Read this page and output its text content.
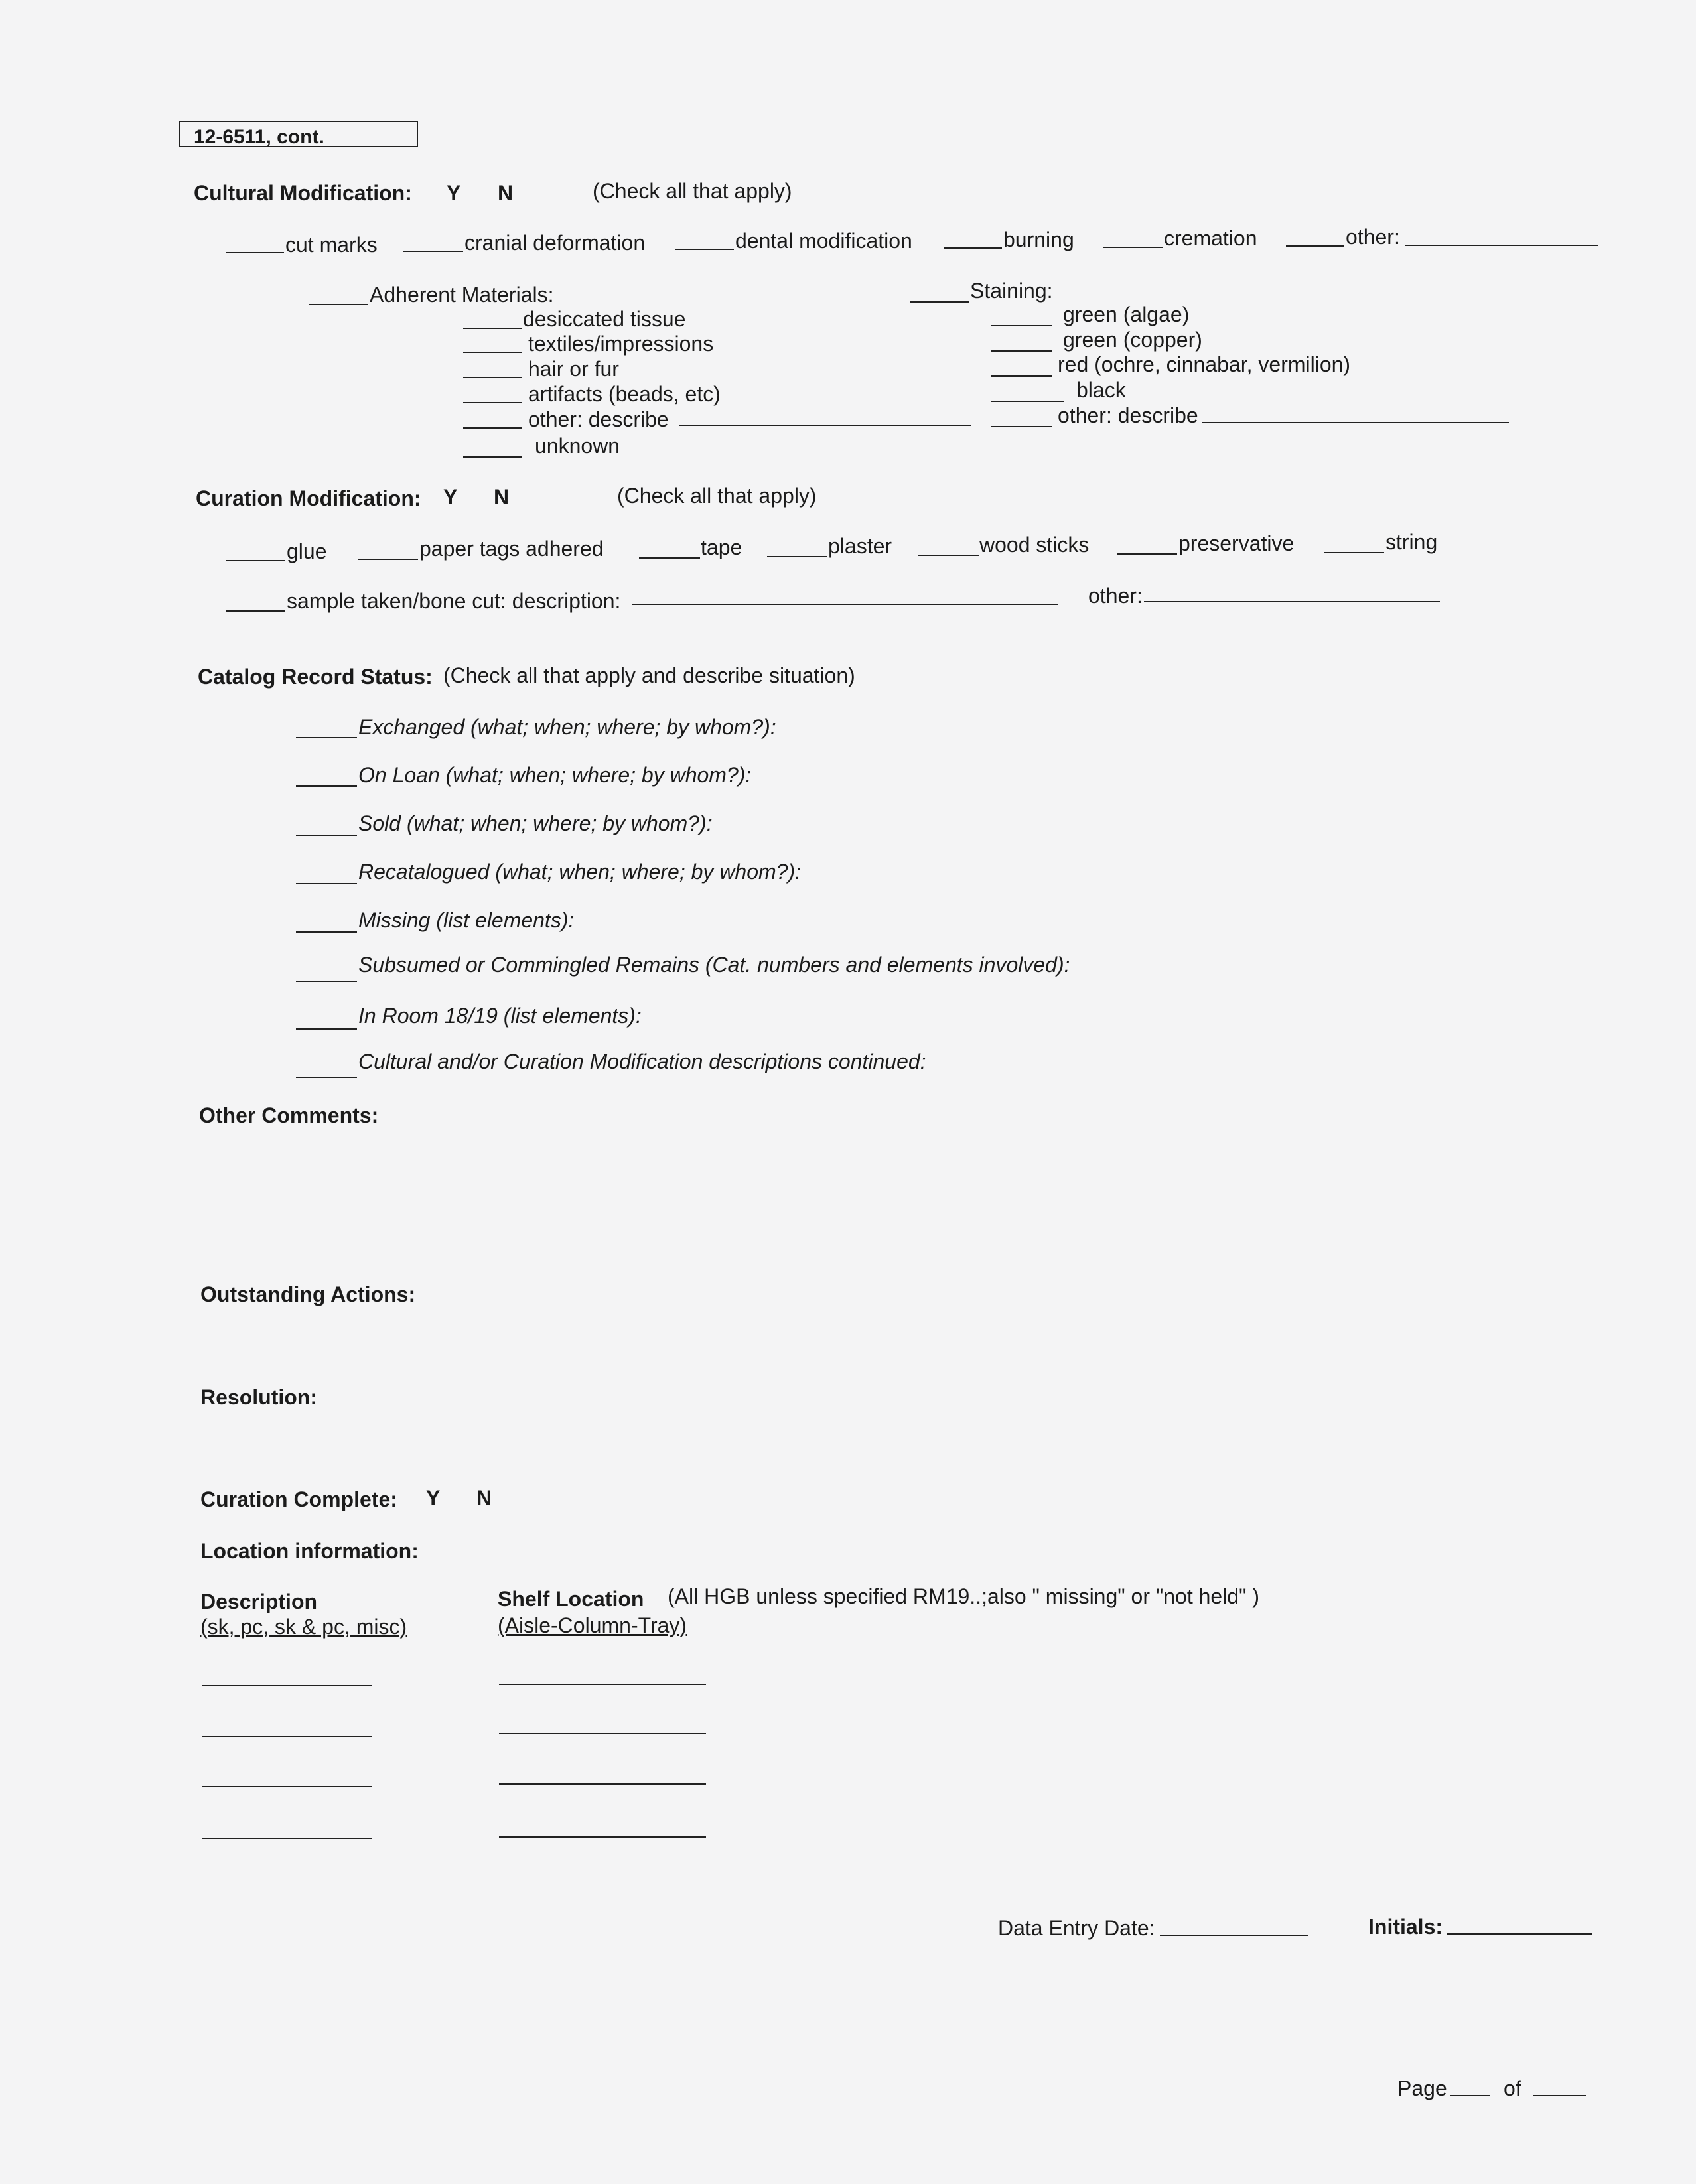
12-6511, cont.
Cultural Modification: Y N	(Check all that apply)
cut marks	cranial deformation	dental modification	burning	cremation	other:
Adherent Materials:
desiccated tissue
textiles/impressions
hair or fur
artifacts (beads, etc)
other: describe
unknown
Staining:
green (algae)
green (copper)
red (ochre, cinnabar, vermilion)
black
other: describe
Curation Modification: Y N	(Check all that apply)
glue	paper tags adhered	tape	plaster	wood sticks	preservative	string
sample taken/bone cut: description:	other:
Catalog Record Status: (Check all that apply and describe situation)
Exchanged (what; when; where; by whom?):
On Loan (what; when; where; by whom?):
Sold (what; when; where; by whom?):
Recatalogued (what; when; where; by whom?):
Missing (list elements):
Subsumed or Commingled Remains (Cat. numbers and elements involved):
In Room 18/19 (list elements):
Cultural and/or Curation Modification descriptions continued:
Other Comments:
Outstanding Actions:
Resolution:
Curation Complete: Y N
Location information:
Description
(sk, pc, sk & pc, misc)
Shelf Location (All HGB unless specified RM19..;also " missing" or "not held" )
(Aisle-Column-Tray)
Data Entry Date:	Initials:
Page	of
